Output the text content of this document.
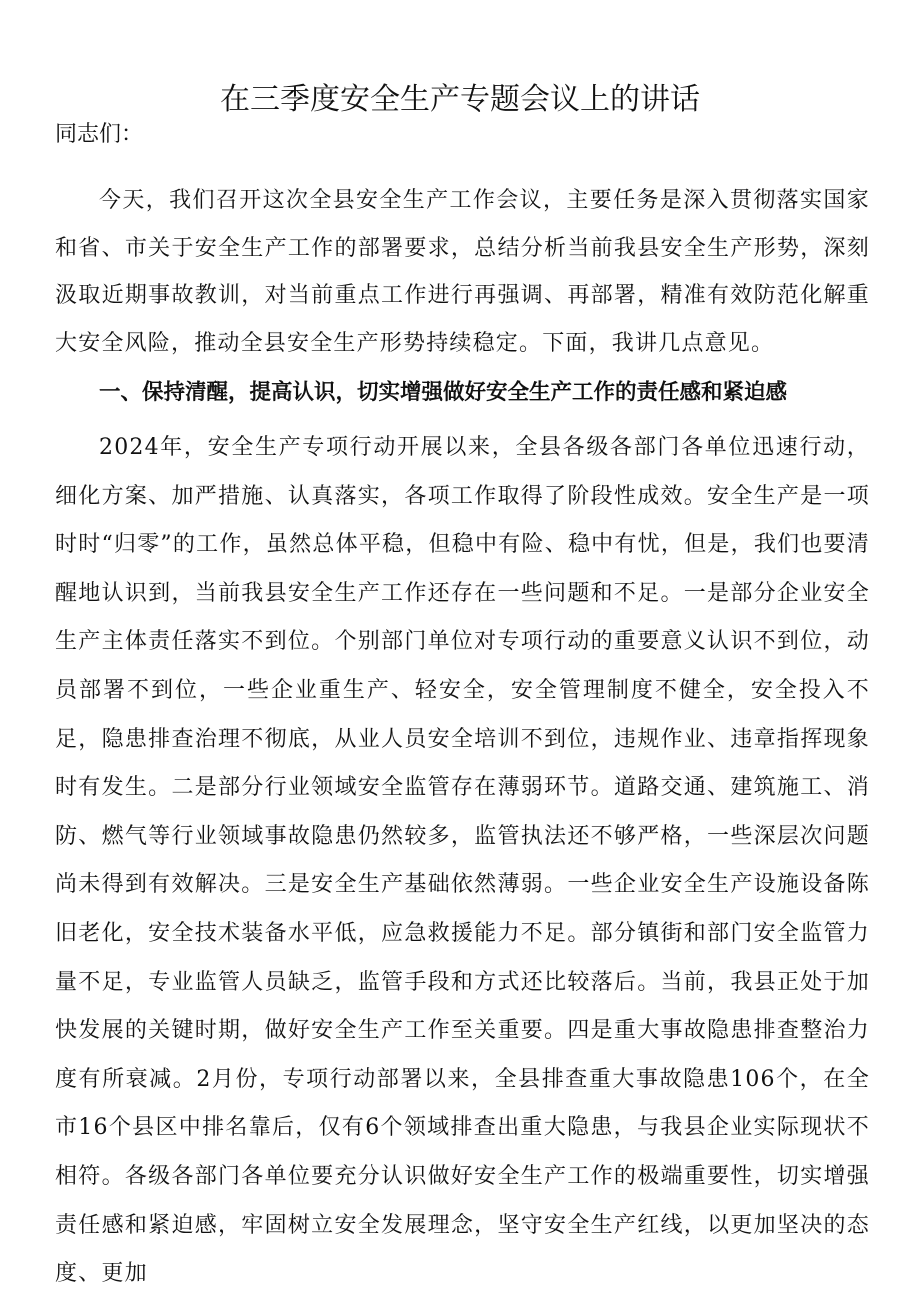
在三季度安全生产专题会议上的讲话
同志们：

今天，我们召开这次全县安全生产工作会议，主要任务是深入贯彻落实国家和省、市关于安全生产工作的部署要求，总结分析当前我县安全生产形势，深刻汲取近期事故教训，对当前重点工作进行再强调、再部署，精准有效防范化解重大安全风险，推动全县安全生产形势持续稳定。下面，我讲几点意见。

一、保持清醒，提高认识，切实增强做好安全生产工作的责任感和紧迫感

2024年，安全生产专项行动开展以来，全县各级各部门各单位迅速行动，细化方案、加严措施、认真落实，各项工作取得了阶段性成效。安全生产是一项时时“归零”的工作，虽然总体平稳，但稳中有险、稳中有忧，但是，我们也要清醒地认识到，当前我县安全生产工作还存在一些问题和不足。一是部分企业安全生产主体责任落实不到位。个别部门单位对专项行动的重要意义认识不到位，动员部署不到位，一些企业重生产、轻安全，安全管理制度不健全，安全投入不足，隐患排查治理不彻底，从业人员安全培训不到位，违规作业、违章指挥现象时有发生。二是部分行业领域安全监管存在薄弱环节。道路交通、建筑施工、消防、燃气等行业领域事故隐患仍然较多，监管执法还不够严格，一些深层次问题尚未得到有效解决。三是安全生产基础依然薄弱。一些企业安全生产设施设备陈旧老化，安全技术装备水平低，应急救援能力不足。部分镇街和部门安全监管力量不足，专业监管人员缺乏，监管手段和方式还比较落后。当前，我县正处于加快发展的关键时期，做好安全生产工作至关重要。四是重大事故隐患排查整治力度有所衰减。2月份，专项行动部署以来，全县排查重大事故隐患106个，在全市16个县区中排名靠后，仅有6个领域排查出重大隐患，与我县企业实际现状不相符。各级各部门各单位要充分认识做好安全生产工作的极端重要性，切实增强责任感和紧迫感，牢固树立安全发展理念，坚守安全生产红线，以更加坚决的态度、更加
